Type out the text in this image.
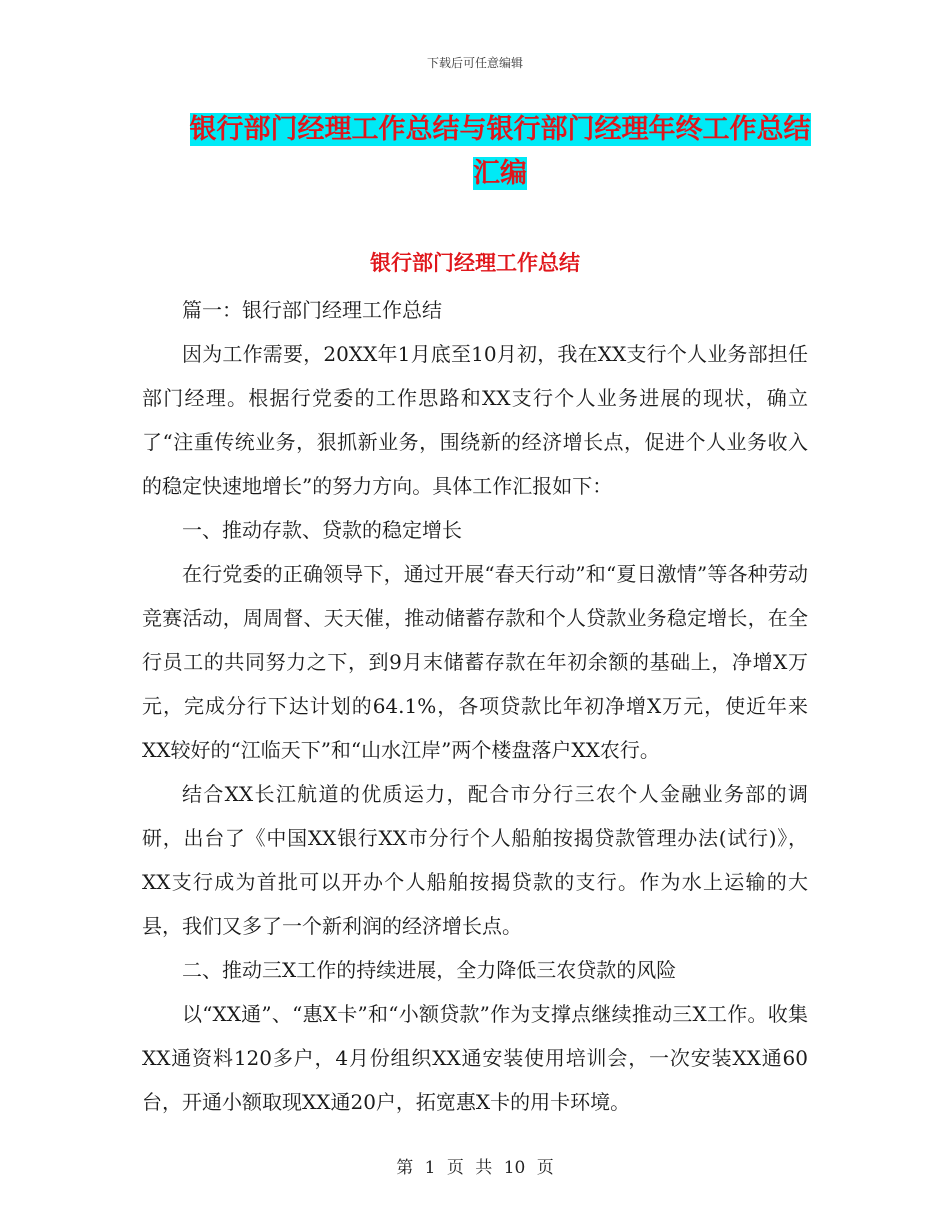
下载后可任意编辑
银行部门经理工作总结与银行部门经理年终工作总结
汇编
银行部门经理工作总结

篇一：银行部门经理工作总结

因为工作需要，20XX年1月底至10月初，我在XX支行个人业务部担任部门经理。根据行党委的工作思路和XX支行个人业务进展的现状，确立了“注重传统业务，狠抓新业务，围绕新的经济增长点，促进个人业务收入的稳定快速地增长”的努力方向。具体工作汇报如下：

一、推动存款、贷款的稳定增长

在行党委的正确领导下，通过开展“春天行动”和“夏日激情”等各种劳动竞赛活动，周周督、天天催，推动储蓄存款和个人贷款业务稳定增长，在全行员工的共同努力之下，到9月末储蓄存款在年初余额的基础上，净增X万元，完成分行下达计划的64.1%，各项贷款比年初净增X万元，使近年来XX较好的“江临天下”和“山水江岸”两个楼盘落户XX农行。

结合XX长江航道的优质运力，配合市分行三农个人金融业务部的调研，出台了《中国XX银行XX市分行个人船舶按揭贷款管理办法(试行)》，XX支行成为首批可以开办个人船舶按揭贷款的支行。作为水上运输的大县，我们又多了一个新利润的经济增长点。

二、推动三X工作的持续进展，全力降低三农贷款的风险

以“XX通”、“惠X卡”和“小额贷款”作为支撑点继续推动三X工作。收集XX通资料120多户，4月份组织XX通安装使用培训会，一次安装XX通60台，开通小额取现XX通20户，拓宽惠X卡的用卡环境。

第 1 页 共 10 页
